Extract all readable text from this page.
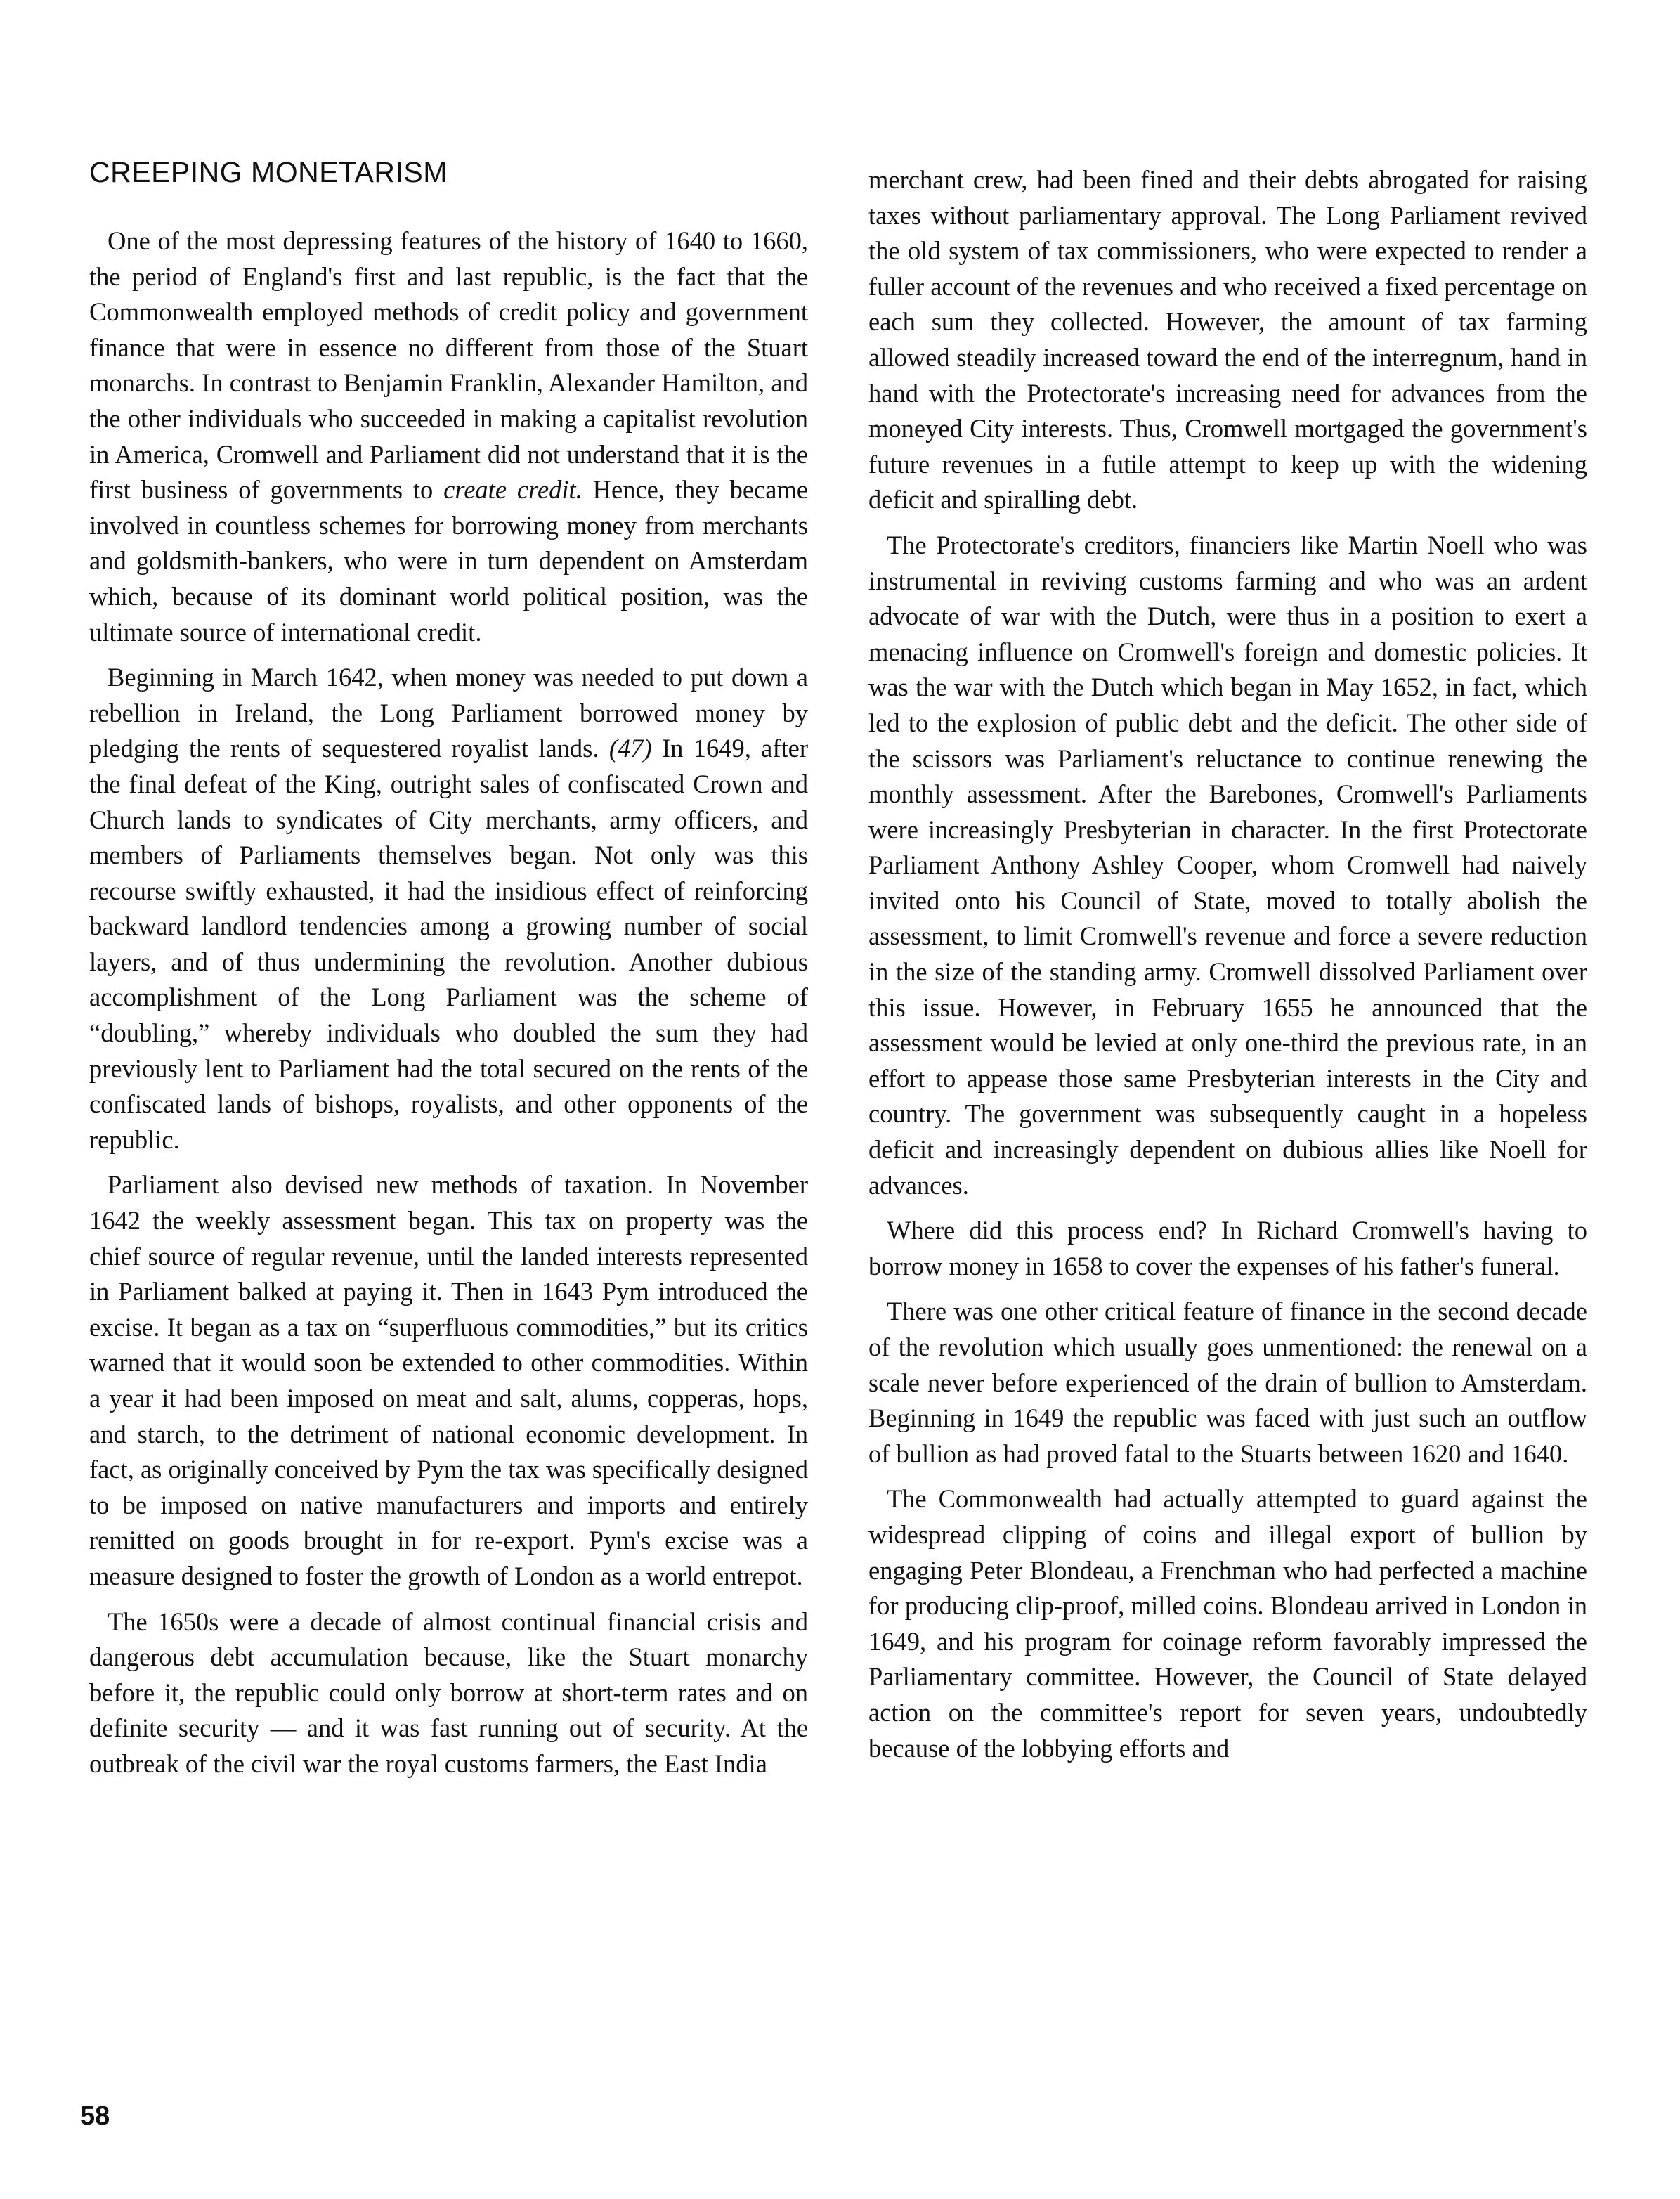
CREEPING MONETARISM

One of the most depressing features of the history of 1640 to 1660, the period of England's first and last republic, is the fact that the Commonwealth employed methods of credit policy and government finance that were in essence no different from those of the Stuart monarchs. In contrast to Benjamin Franklin, Alexander Hamilton, and the other individuals who succeeded in making a capitalist revolution in America, Cromwell and Parliament did not understand that it is the first business of governments to create credit. Hence, they became involved in countless schemes for borrowing money from merchants and goldsmith-bankers, who were in turn dependent on Amsterdam which, because of its dominant world political position, was the ultimate source of international credit.

Beginning in March 1642, when money was needed to put down a rebellion in Ireland, the Long Parliament borrowed money by pledging the rents of sequestered royalist lands. (47) In 1649, after the final defeat of the King, outright sales of confiscated Crown and Church lands to syndicates of City merchants, army officers, and members of Parliaments themselves began. Not only was this recourse swiftly exhausted, it had the insidious effect of reinforcing backward landlord tendencies among a growing number of social layers, and of thus undermining the revolution. Another dubious accomplishment of the Long Parliament was the scheme of “doubling,” whereby individuals who doubled the sum they had previously lent to Parliament had the total secured on the rents of the confiscated lands of bishops, royalists, and other opponents of the republic.

Parliament also devised new methods of taxation. In November 1642 the weekly assessment began. This tax on property was the chief source of regular revenue, until the landed interests represented in Parliament balked at paying it. Then in 1643 Pym introduced the excise. It began as a tax on “superfluous commodities,” but its critics warned that it would soon be extended to other commodities. Within a year it had been imposed on meat and salt, alums, copperas, hops, and starch, to the detriment of national economic development. In fact, as originally conceived by Pym the tax was specifically designed to be imposed on native manufacturers and imports and entirely remitted on goods brought in for re-export. Pym's excise was a measure designed to foster the growth of London as a world entrepot.

The 1650s were a decade of almost continual financial crisis and dangerous debt accumulation because, like the Stuart monarchy before it, the republic could only borrow at short-term rates and on definite security — and it was fast running out of security. At the outbreak of the civil war the royal customs farmers, the East India

merchant crew, had been fined and their debts abrogated for raising taxes without parliamentary approval. The Long Parliament revived the old system of tax commissioners, who were expected to render a fuller account of the revenues and who received a fixed percentage on each sum they collected. However, the amount of tax farming allowed steadily increased toward the end of the interregnum, hand in hand with the Protectorate's increasing need for advances from the moneyed City interests. Thus, Cromwell mortgaged the government's future revenues in a futile attempt to keep up with the widening deficit and spiralling debt.

The Protectorate's creditors, financiers like Martin Noell who was instrumental in reviving customs farming and who was an ardent advocate of war with the Dutch, were thus in a position to exert a menacing influence on Cromwell's foreign and domestic policies. It was the war with the Dutch which began in May 1652, in fact, which led to the explosion of public debt and the deficit. The other side of the scissors was Parliament's reluctance to continue renewing the monthly assessment. After the Barebones, Cromwell's Parliaments were increasingly Presbyterian in character. In the first Protectorate Parliament Anthony Ashley Cooper, whom Cromwell had naively invited onto his Council of State, moved to totally abolish the assessment, to limit Cromwell's revenue and force a severe reduction in the size of the standing army. Cromwell dissolved Parliament over this issue. However, in February 1655 he announced that the assessment would be levied at only one-third the previous rate, in an effort to appease those same Presbyterian interests in the City and country. The government was subsequently caught in a hopeless deficit and increasingly dependent on dubious allies like Noell for advances.

Where did this process end? In Richard Cromwell's having to borrow money in 1658 to cover the expenses of his father's funeral.

There was one other critical feature of finance in the second decade of the revolution which usually goes unmentioned: the renewal on a scale never before experienced of the drain of bullion to Amsterdam. Beginning in 1649 the republic was faced with just such an outflow of bullion as had proved fatal to the Stuarts between 1620 and 1640.

The Commonwealth had actually attempted to guard against the widespread clipping of coins and illegal export of bullion by engaging Peter Blondeau, a Frenchman who had perfected a machine for producing clip-proof, milled coins. Blondeau arrived in London in 1649, and his program for coinage reform favorably impressed the Parliamentary committee. However, the Council of State delayed action on the committee's report for seven years, undoubtedly because of the lobbying efforts and

58
